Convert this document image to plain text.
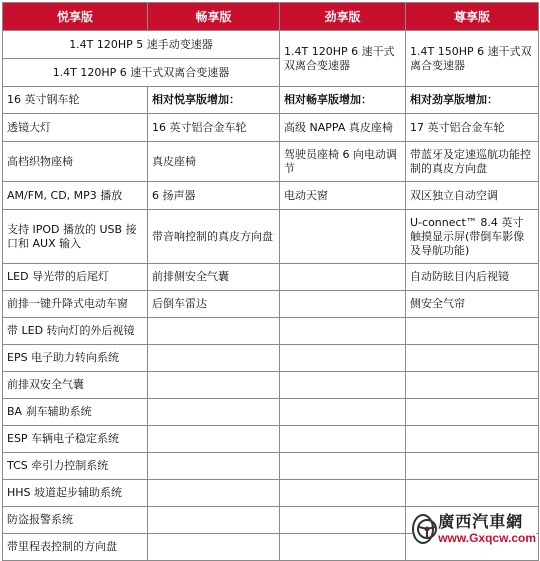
悦享版	畅享版	劲享版	尊享版
1.4T 120HP 5 速手动变速器		1.4T 120HP 6 速干式双离合变速器	1.4T 150HP 6 速干式双离合变速器
1.4T 120HP 6 速干式双离合变速器			
16 英寸钢车轮	相对悦享版增加：	相对畅享版增加：	相对劲享版增加：
透镜大灯	16 英寸铝合金车轮	高级 NAPPA 真皮座椅	17 英寸铝合金车轮
高档织物座椅	真皮座椅	驾驶员座椅 6 向电动调节	带蓝牙及定速巡航功能控制的真皮方向盘
AM/FM, CD, MP3 播放	6 扬声器	电动天窗	双区独立自动空调
支持 IPOD 播放的 USB 接口和 AUX 输入	带音响控制的真皮方向盘		U-connect™ 8.4 英寸触摸显示屏(带倒车影像及导航功能)
LED 导光带的后尾灯	前排侧安全气囊		自动防眩目内后视镜
前排一键升降式电动车窗	后倒车雷达		侧安全气帘
带 LED 转向灯的外后视镜			
EPS 电子助力转向系统			
前排双安全气囊			
BA 刹车辅助系统			
ESP 车辆电子稳定系统			
TCS 牵引力控制系统			
HHS 坡道起步辅助系统			
防盗报警系统			
带里程表控制的方向盘			
廣西汽車網
www.Gxqcw.com
